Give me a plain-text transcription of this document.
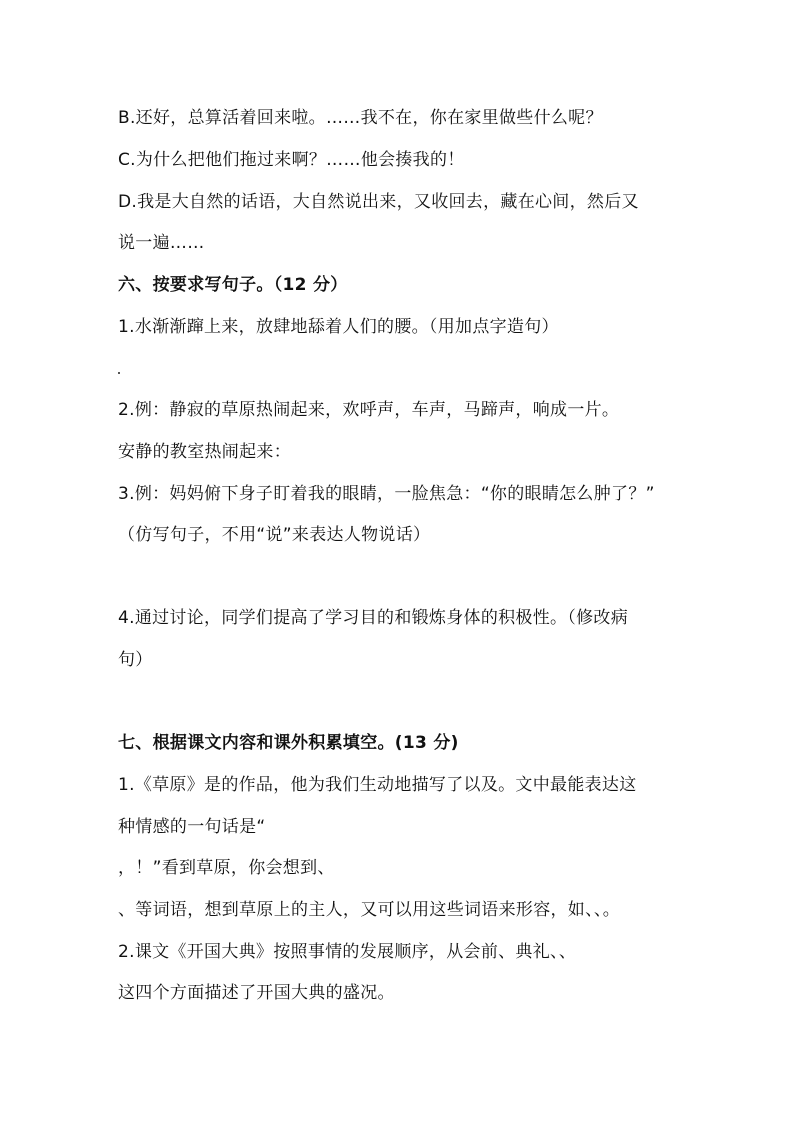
B.还好，总算活着回来啦。……我不在，你在家里做些什么呢？
C.为什么把他们拖过来啊？……他会揍我的！
D.我是大自然的话语，大自然说出来，又收回去，藏在心间，然后又
说一遍……
六、按要求写句子。（12 分）
1.水渐渐蹿上来，放肆地舔着人们的腰。（用加点字造句）
2.例：静寂的草原热闹起来，欢呼声，车声，马蹄声，响成一片。
安静的教室热闹起来：
3.例：妈妈俯下身子盯着我的眼睛，一脸焦急：“你的眼睛怎么肿了？”
（仿写句子，不用“说”来表达人物说话）
4.通过讨论，同学们提高了学习目的和锻炼身体的积极性。（修改病
句）
七、根据课文内容和课外积累填空。(13 分)
1.《草原》是的作品，他为我们生动地描写了以及。文中最能表达这
种情感的一句话是“
，！”看到草原，你会想到、
、等词语，想到草原上的主人，又可以用这些词语来形容，如、、。
2.课文《开国大典》按照事情的发展顺序，从会前、典礼、、
这四个方面描述了开国大典的盛况。
